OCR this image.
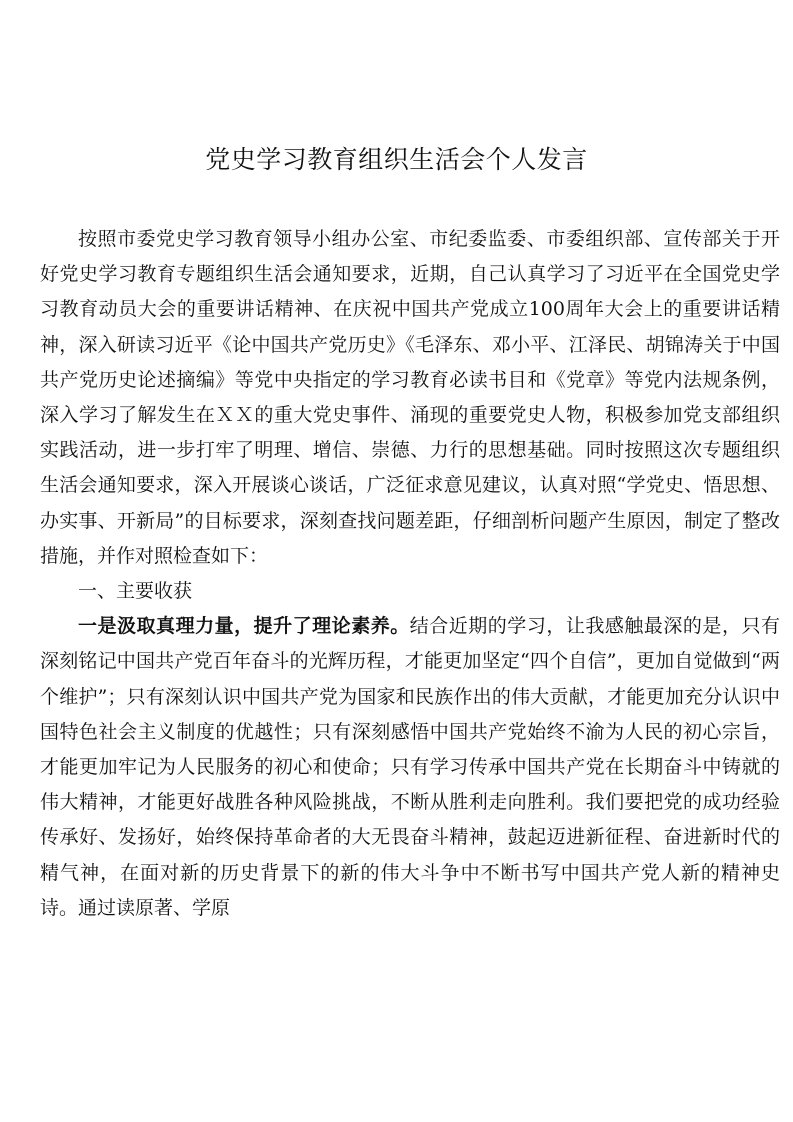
党史学习教育组织生活会个人发言

按照市委党史学习教育领导小组办公室、市纪委监委、市委组织部、宣传部关于开好党史学习教育专题组织生活会通知要求，近期，自己认真学习了习近平在全国党史学习教育动员大会的重要讲话精神、在庆祝中国共产党成立100周年大会上的重要讲话精神，深入研读习近平《论中国共产党历史》《毛泽东、邓小平、江泽民、胡锦涛关于中国共产党历史论述摘编》等党中央指定的学习教育必读书目和《党章》等党内法规条例，深入学习了解发生在ＸＸ的重大党史事件、涌现的重要党史人物，积极参加党支部组织实践活动，进一步打牢了明理、增信、崇德、力行的思想基础。同时按照这次专题组织生活会通知要求，深入开展谈心谈话，广泛征求意见建议，认真对照“学党史、悟思想、办实事、开新局”的目标要求，深刻查找问题差距，仔细剖析问题产生原因，制定了整改措施，并作对照检查如下：

一、主要收获

一是汲取真理力量，提升了理论素养。结合近期的学习，让我感触最深的是，只有深刻铭记中国共产党百年奋斗的光辉历程，才能更加坚定“四个自信”，更加自觉做到“两个维护”；只有深刻认识中国共产党为国家和民族作出的伟大贡献，才能更加充分认识中国特色社会主义制度的优越性；只有深刻感悟中国共产党始终不渝为人民的初心宗旨，才能更加牢记为人民服务的初心和使命；只有学习传承中国共产党在长期奋斗中铸就的伟大精神，才能更好战胜各种风险挑战，不断从胜利走向胜利。我们要把党的成功经验传承好、发扬好，始终保持革命者的大无畏奋斗精神，鼓起迈进新征程、奋进新时代的精气神，在面对新的历史背景下的新的伟大斗争中不断书写中国共产党人新的精神史诗。通过读原著、学原
